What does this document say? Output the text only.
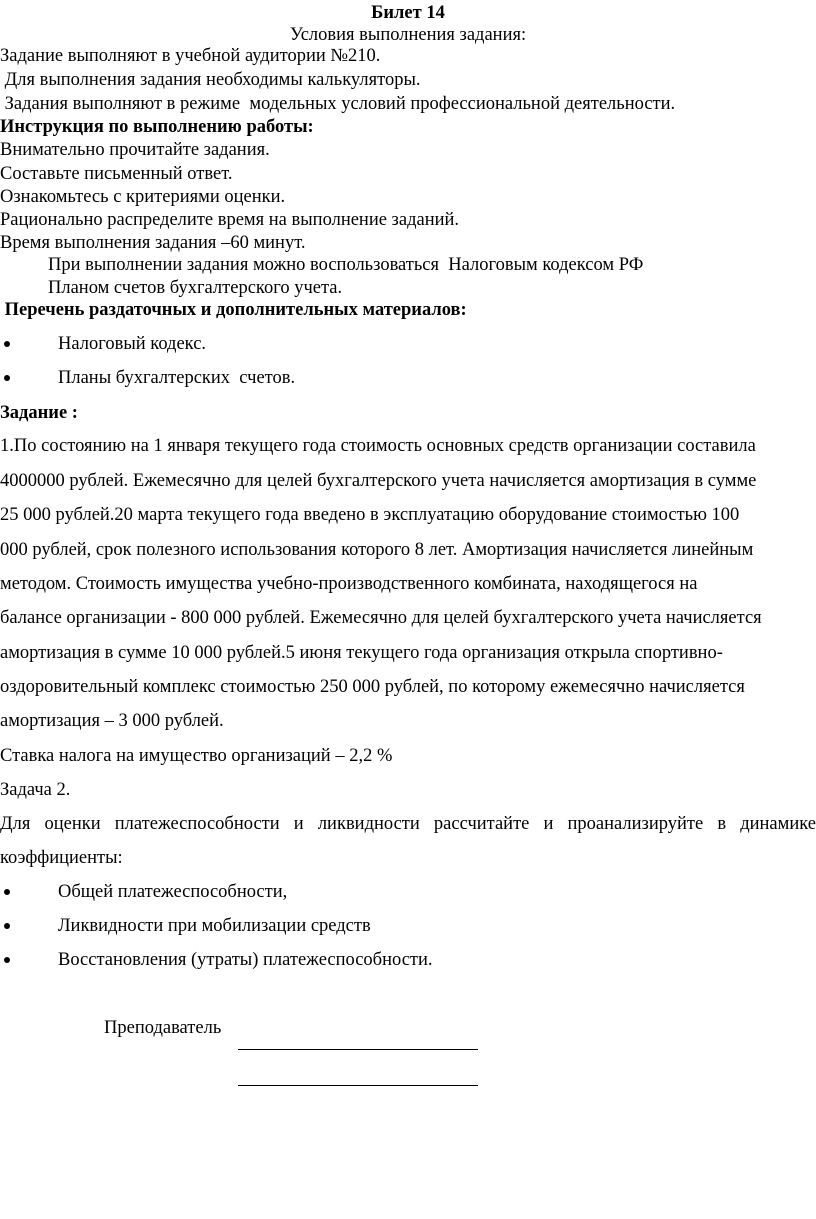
Билет 14
Условия выполнения задания:
Задание выполняют в учебной аудитории №210.
Для выполнения задания необходимы калькуляторы.
Задания выполняют в режиме  модельных условий профессиональной деятельности.
Инструкция по выполнению работы:
Внимательно прочитайте задания.
Составьте письменный ответ.
Ознакомьтесь с критериями оценки.
Рационально распределите время на выполнение заданий.
Время выполнения задания –60 минут.
При выполнении задания можно воспользоваться  Налоговым кодексом РФ
Планом счетов бухгалтерского учета.
Перечень раздаточных и дополнительных материалов:
Налоговый кодекс.
Планы бухгалтерских  счетов.
Задание :
1.По состоянию на 1 января текущего года стоимость основных средств организации составила
4000000 рублей. Ежемесячно для целей бухгалтерского учета начисляется амортизация в сумме
25 000 рублей.20 марта текущего года введено в эксплуатацию оборудование стоимостью 100
000 рублей, срок полезного использования которого 8 лет. Амортизация начисляется линейным
методом. Стоимость имущества учебно-производственного комбината, находящегося на
балансе организации - 800 000 рублей. Ежемесячно для целей бухгалтерского учета начисляется
амортизация в сумме 10 000 рублей.5 июня текущего года организация открыла спортивно-
оздоровительный комплекс стоимостью 250 000 рублей, по которому ежемесячно начисляется
амортизация – 3 000 рублей.
Ставка налога на имущество организаций – 2,2 %
Задача 2.
Для оценки платежеспособности и ликвидности рассчитайте и проанализируйте в динамике
коэффициенты:
Общей платежеспособности,
Ликвидности при мобилизации средств
Восстановления (утраты) платежеспособности.
Преподаватель
